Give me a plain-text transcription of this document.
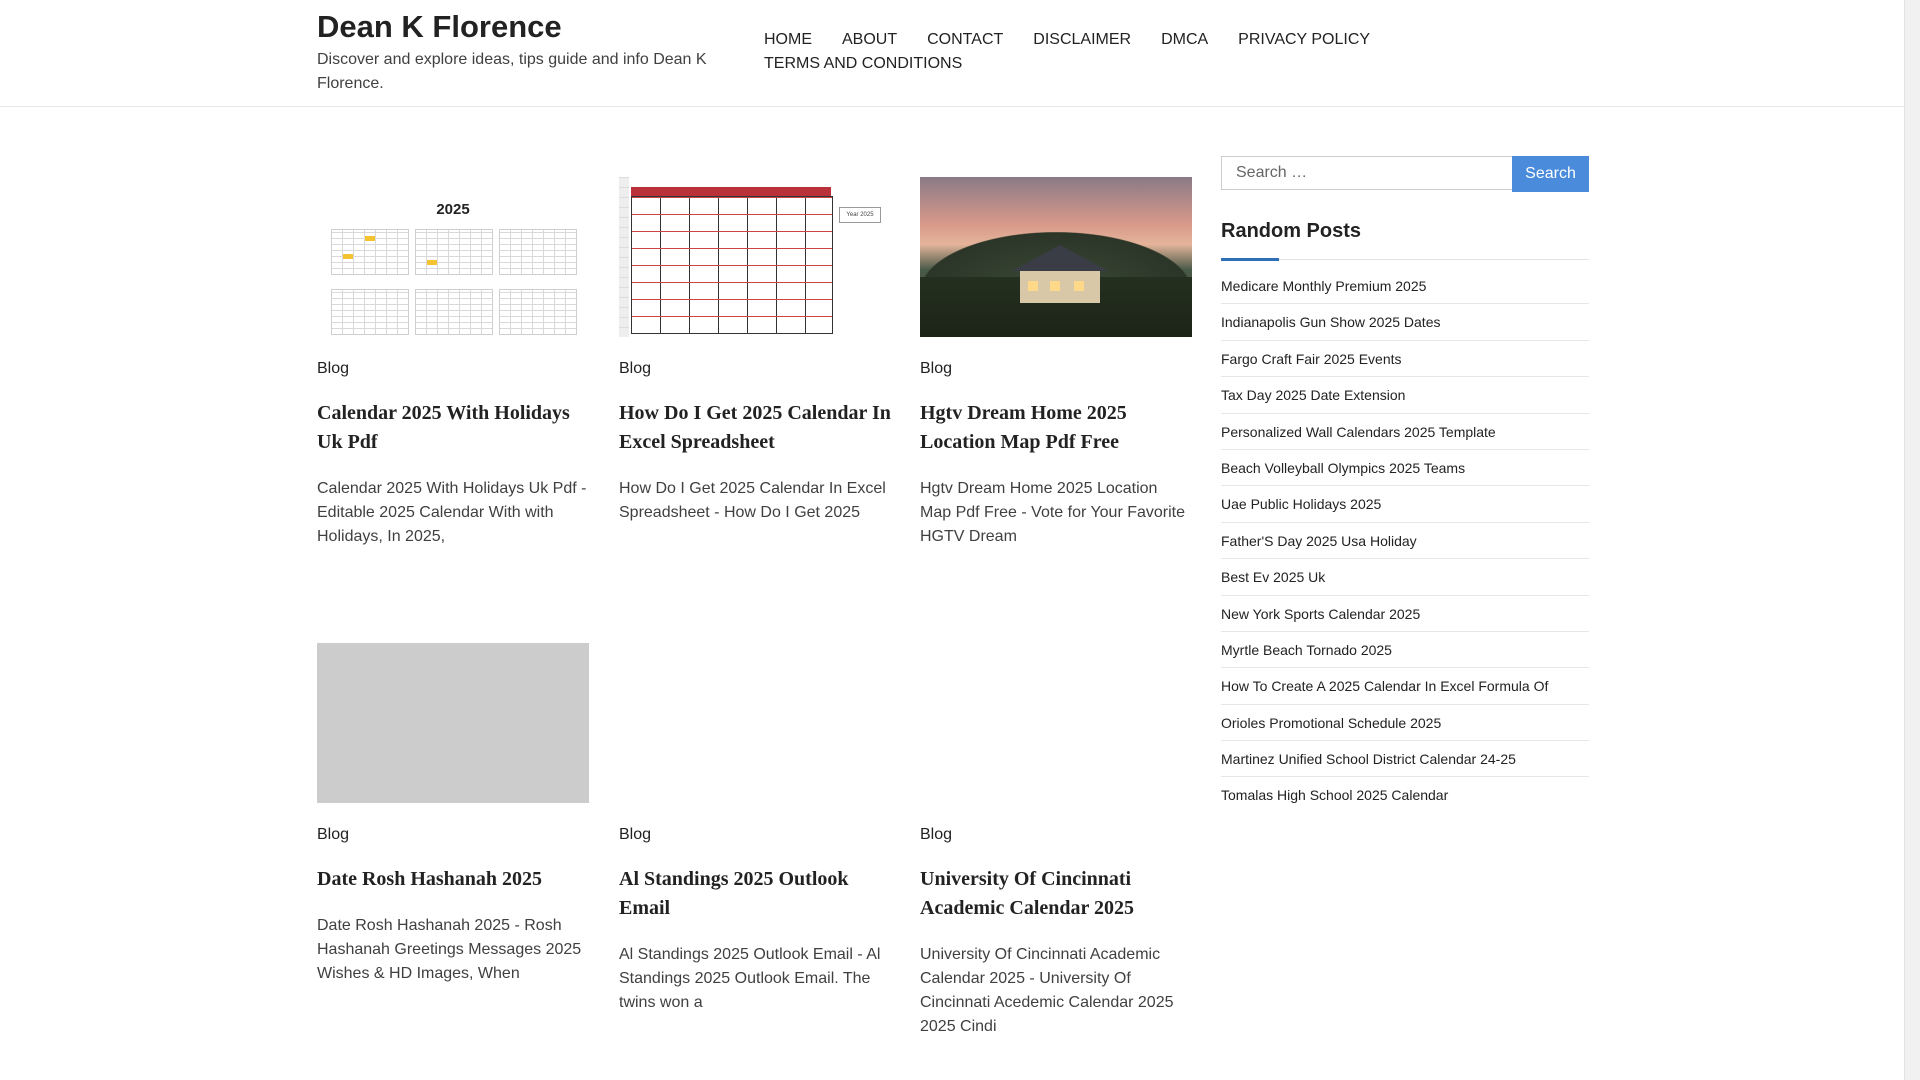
Dean K Florence

Discover and explore ideas, tips guide and info Dean K Florence.

HOME ABOUT CONTACT DISCLAIMER DMCA PRIVACY POLICY
TERMS AND CONDITIONS
2025
Blog
Calendar 2025 With Holidays Uk Pdf
Calendar 2025 With Holidays Uk Pdf - Editable 2025 Calendar With with Holidays, In 2025,
Year 2025
Blog
How Do I Get 2025 Calendar In Excel Spreadsheet
How Do I Get 2025 Calendar In Excel Spreadsheet - How Do I Get 2025
Blog
Hgtv Dream Home 2025 Location Map Pdf Free
Hgtv Dream Home 2025 Location Map Pdf Free - Vote for Your Favorite HGTV Dream
Blog
Date Rosh Hashanah 2025
Date Rosh Hashanah 2025 - Rosh Hashanah Greetings Messages 2025 Wishes & HD Images, When
Blog
Al Standings 2025 Outlook Email
Al Standings 2025 Outlook Email - Al Standings 2025 Outlook Email. The twins won a
Blog
University Of Cincinnati Academic Calendar 2025
University Of Cincinnati Academic Calendar 2025 - University Of Cincinnati Acedemic Calendar 2025 2025 Cindi
Search …
Search
Random Posts
Medicare Monthly Premium 2025
Indianapolis Gun Show 2025 Dates
Fargo Craft Fair 2025 Events
Tax Day 2025 Date Extension
Personalized Wall Calendars 2025 Template
Beach Volleyball Olympics 2025 Teams
Uae Public Holidays 2025
Father'S Day 2025 Usa Holiday
Best Ev 2025 Uk
New York Sports Calendar 2025
Myrtle Beach Tornado 2025
How To Create A 2025 Calendar In Excel Formula Of
Orioles Promotional Schedule 2025
Martinez Unified School District Calendar 24-25
Tomalas High School 2025 Calendar
